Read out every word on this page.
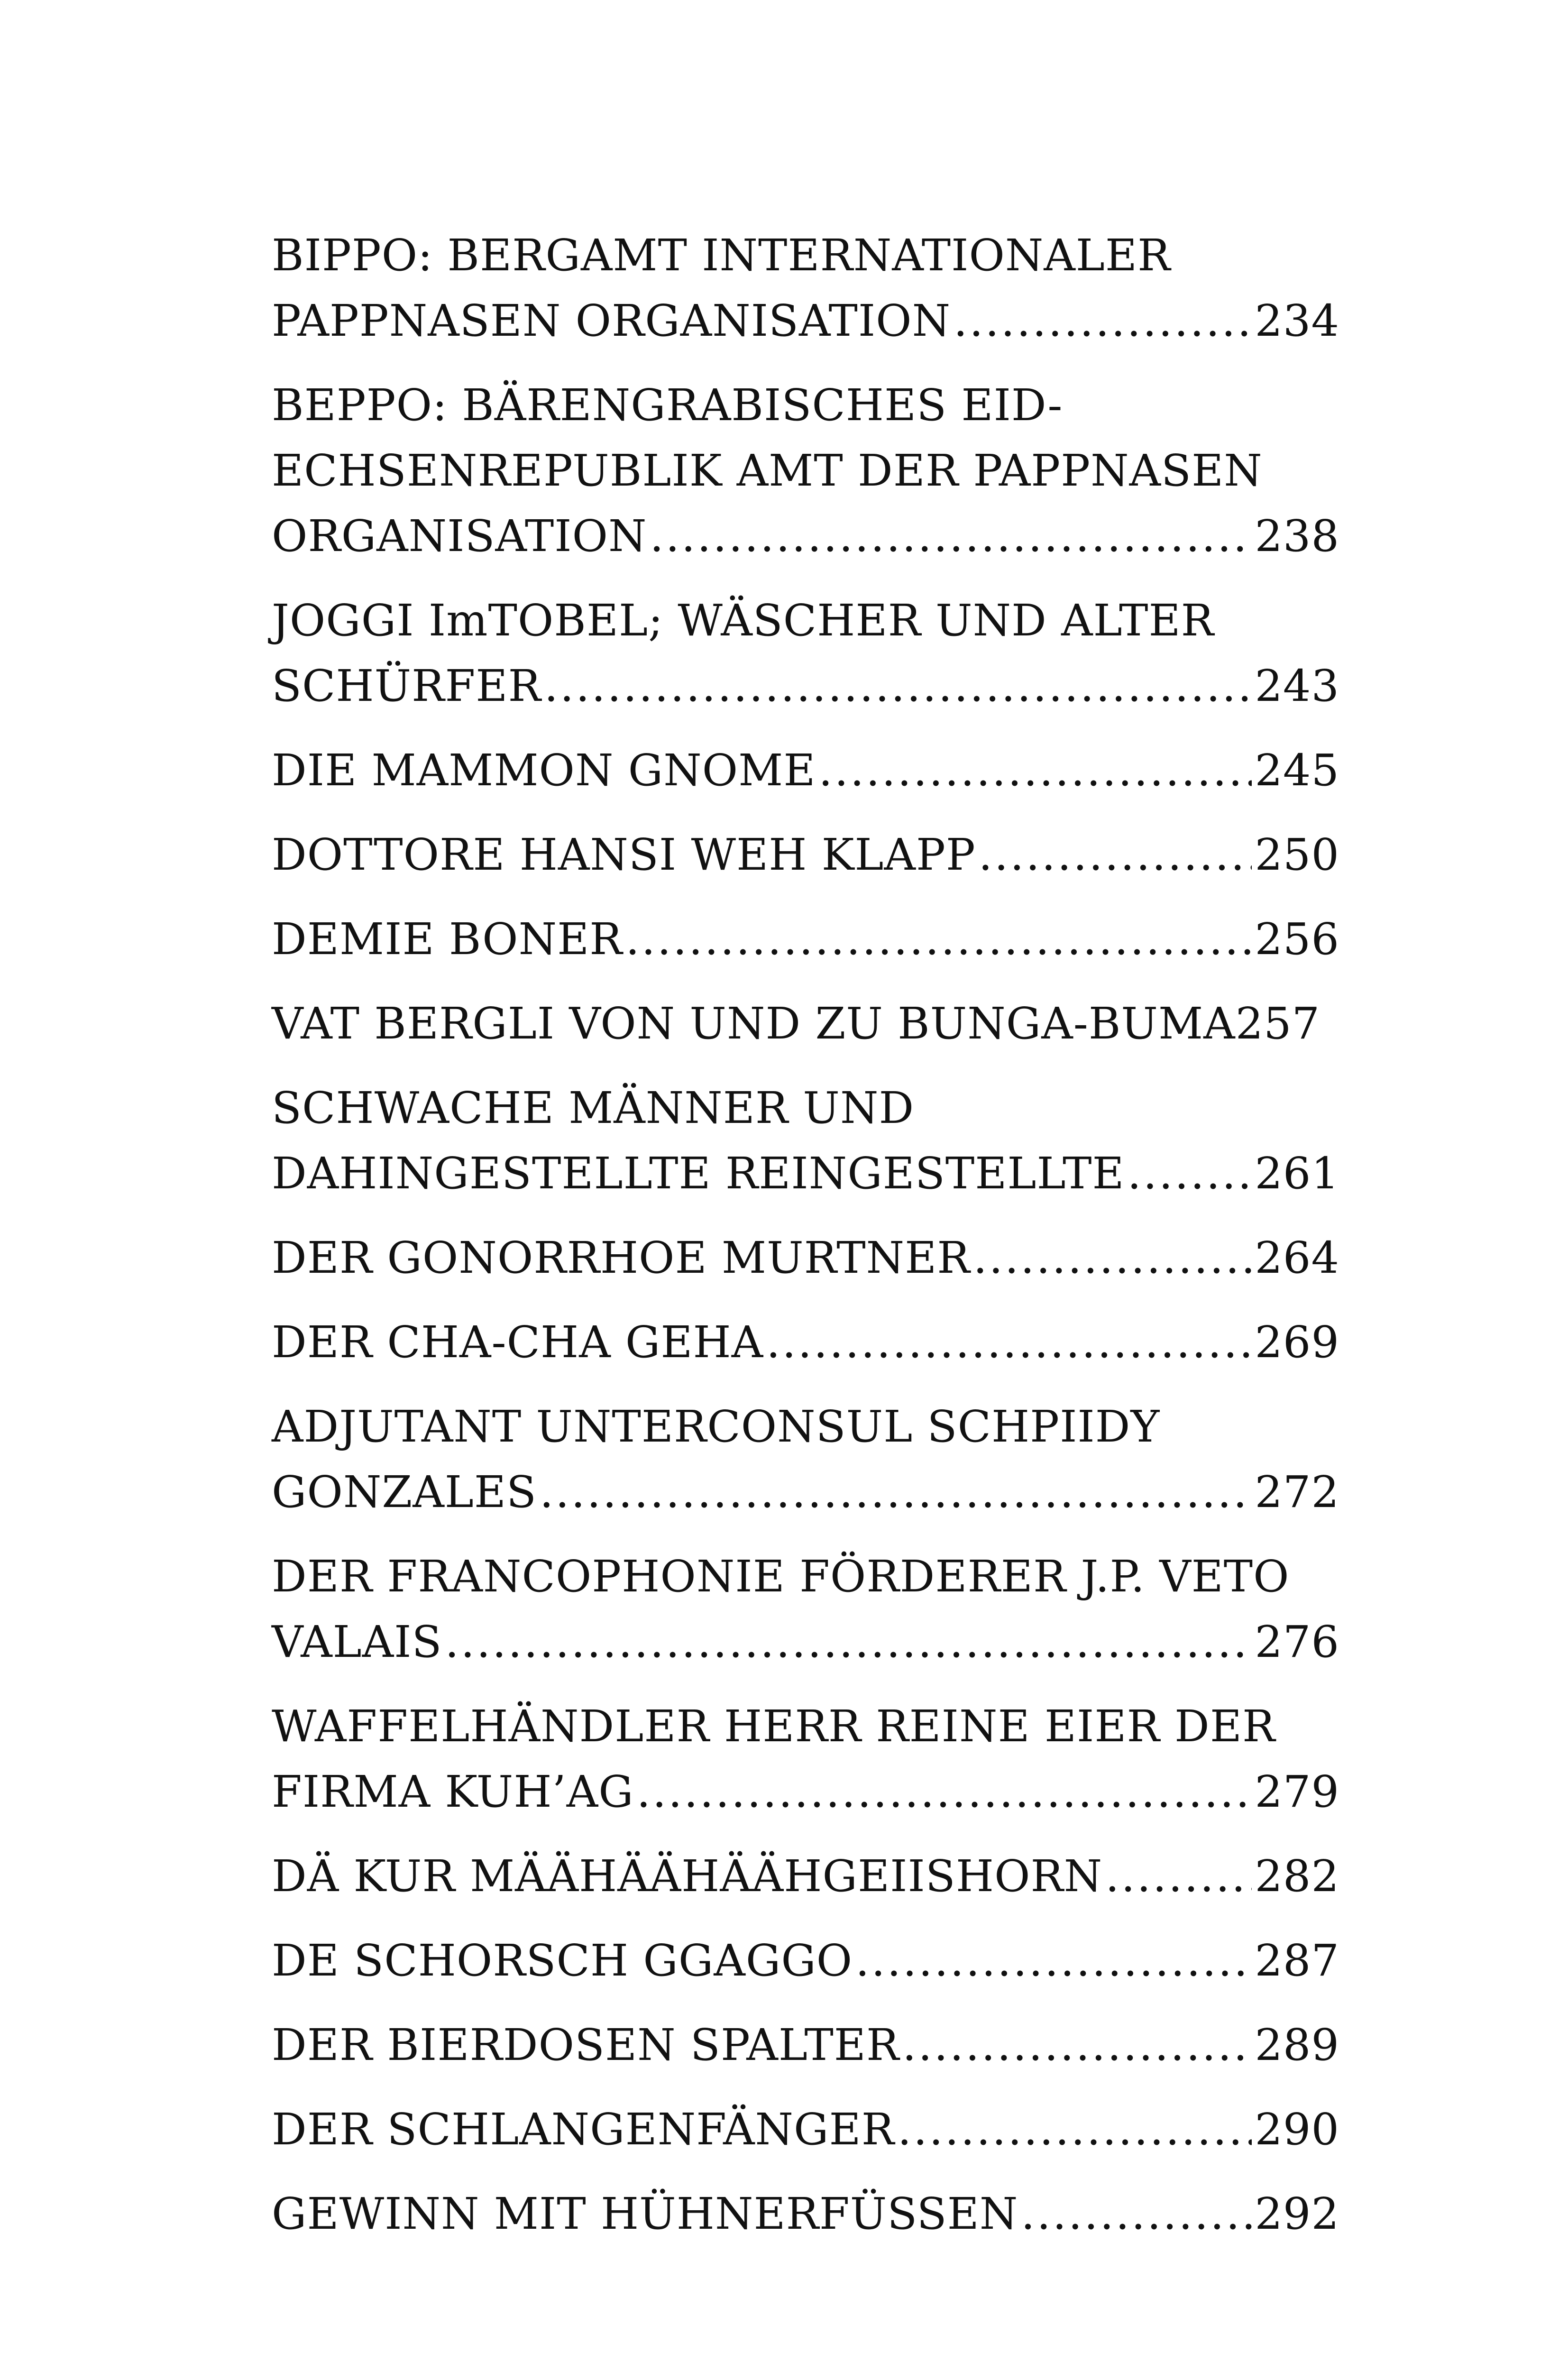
BIPPO: BERGAMT INTERNATIONALER
PAPPNASEN ORGANISATION .....	234
BEPPO: BÄRENGRABISCHES EID-
ECHSENREPUBLIK AMT DER PAPPNASEN
ORGANISATION .....	238
JOGGI ImTOBEL; WÄSCHER UND ALTER
SCHÜRFER .....	243
DIE MAMMON GNOME .....	245
DOTTORE HANSI WEH KLAPP .....	250
DEMIE BONER .....	256
VAT BERGLI VON UND ZU BUNGA-BUMA 257
SCHWACHE MÄNNER UND
DAHINGESTELLTE REINGESTELLTE .....	261
DER GONORRHOE MURTNER .....	264
DER CHA-CHA GEHA .....	269
ADJUTANT UNTERCONSUL SCHPIIDY
GONZALES .....	272
DER FRANCOPHONIE FÖRDERER J.P. VETO
VALAIS .....	276
WAFFELHÄNDLER HERR REINE EIER DER
FIRMA KUH’AG .....	279
DÄ KUR MÄÄHÄÄHÄÄHGEIISHORN .....	282
DE SCHORSCH GGAGGO .....	287
DER BIERDOSEN SPALTER .....	289
DER SCHLANGENFÄNGER .....	290
GEWINN MIT HÜHNERFÜSSEN .....	292
